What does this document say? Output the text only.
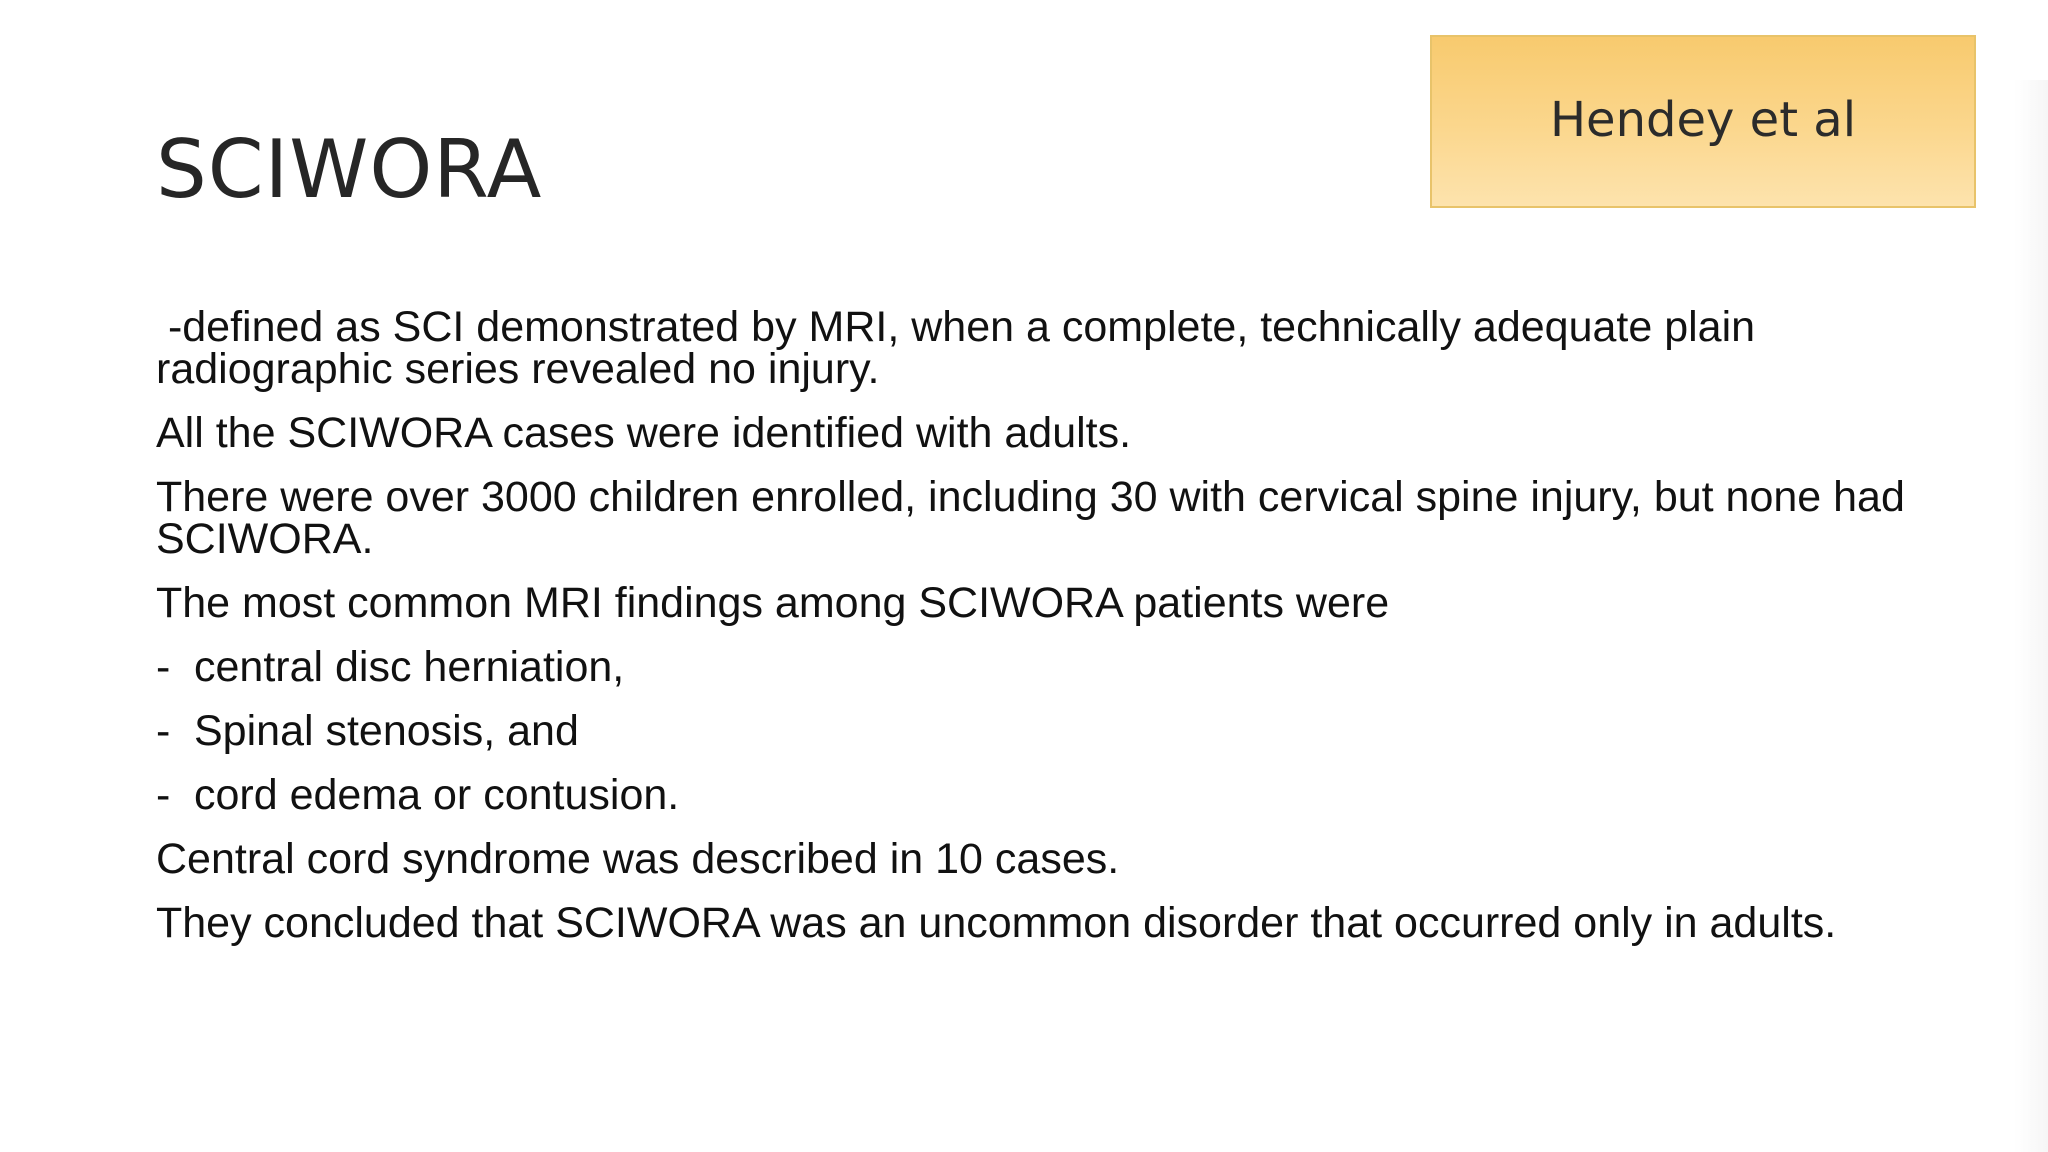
SCIWORA
Hendey et al

-defined as SCI demonstrated by MRI, when a complete, technically adequate plain radiographic series revealed no injury.

All the SCIWORA cases were identified with adults.

There were over 3000 children enrolled, including 30 with cervical spine injury, but none had SCIWORA.

The most common MRI findings among SCIWORA patients were

- central disc herniation,
- Spinal stenosis, and
- cord edema or contusion.

Central cord syndrome was described in 10 cases.

They concluded that SCIWORA was an uncommon disorder that occurred only in adults.
